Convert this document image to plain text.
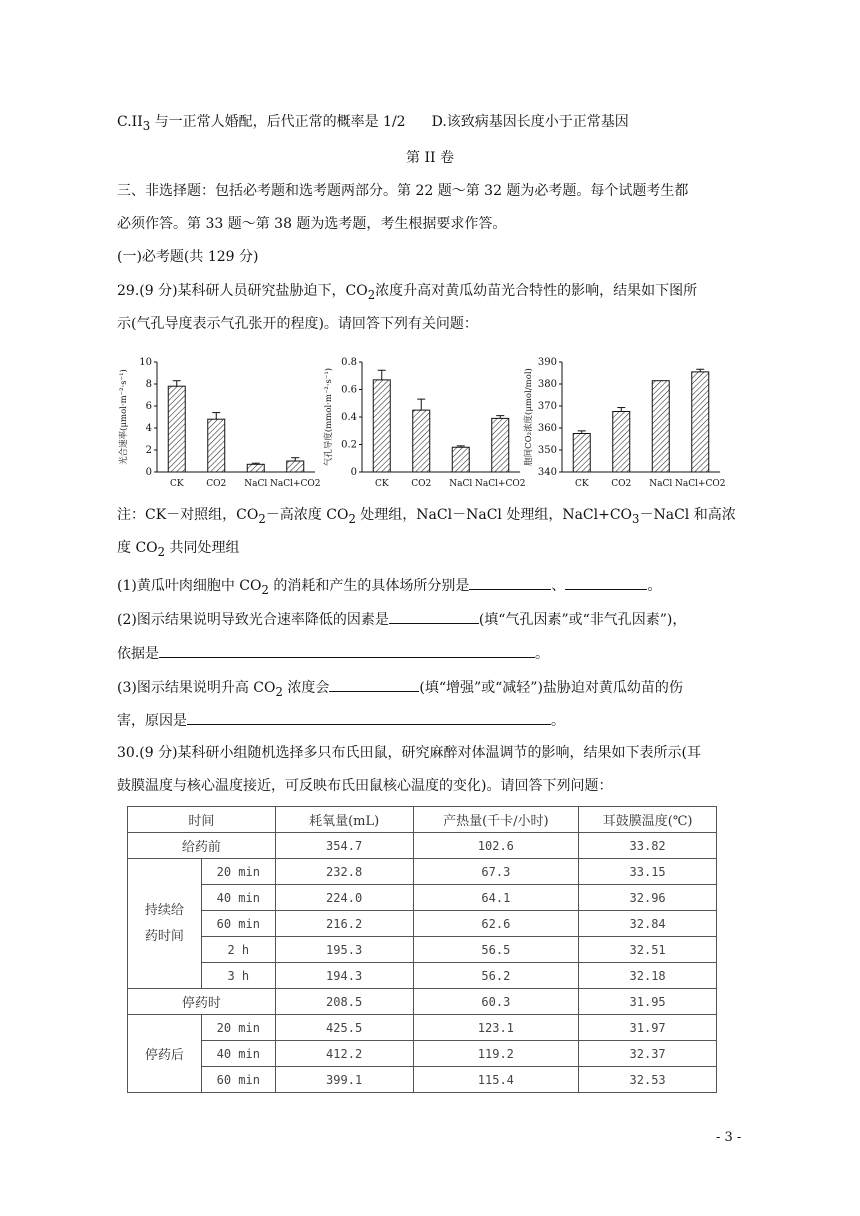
$C.II_3$ 与一正常人婚配，后代正常的概率是 1/2 D.该致病基因长度小于正常基因
第 II 卷
三、非选择题：包括必考题和选考题两部分。第 22 题～第 32 题为必考题。每个试题考生都
必须作答。第 33 题～第 38 题为选考题，考生根据要求作答。
(一)必考题(共 129 分)
29.(9 分)某科研人员研究盐胁迫下，$CO_2$浓度升高对黄瓜幼苗光合特性的影响，结果如下图所
示(气孔导度表示气孔张开的程度)。请回答下列有关问题：
0
2
4
6
8
10
CK	CO2 NaCl NaCl+CO2
光合速率(μmol·m⁻²·s⁻¹)
0
0.2
0.4
0.6
0.8
CK	CO2 NaCl NaCl+CO2
气孔导度(mmol·m⁻²·s⁻¹)
340
350
360
370
380
390
CK	CO2 NaCl NaCl+CO2
胞间CO₂浓度(μmol/mol)
注：CK－对照组，$CO_2-$高浓度 $CO_2$ 处理组，NaCl－NaCl 处理组，$NaCl+CO_3-NaCl$ 和高浓
度 $CO_2$ 共同处理组
(1)黄瓜叶肉细胞中 $CO_2$ 的消耗和产生的具体场所分别是	、	。
(2)图示结果说明导致光合速率降低的因素是	(填“气孔因素”或“非气孔因素”)，
依据是	。
(3)图示结果说明升高 $CO_2$ 浓度会	(填“增强”或“减轻”)盐胁迫对黄瓜幼苗的伤
害，原因是	。
30.(9 分)某科研小组随机选择多只布氏田鼠，研究麻醉对体温调节的影响，结果如下表所示(耳
鼓膜温度与核心温度接近，可反映布氏田鼠核心温度的变化)。请回答下列问题：
时间		耗氧量(mL)	产热量(千卡/小时)	耳鼓膜温度(℃)
给药前		354.7	102.6	33.82
持续给
药时间	20 min	232.8	67.3	33.15
	40 min	224.0	64.1	32.96
	60 min	216.2	62.6	32.84
	2 h	195.3	56.5	32.51
	3 h	194.3	56.2	32.18
停药时		208.5	60.3	31.95
停药后	20 min	425.5	123.1	31.97
	40 min	412.2	119.2	32.37
	60 min	399.1	115.4	32.53
- 3 -
